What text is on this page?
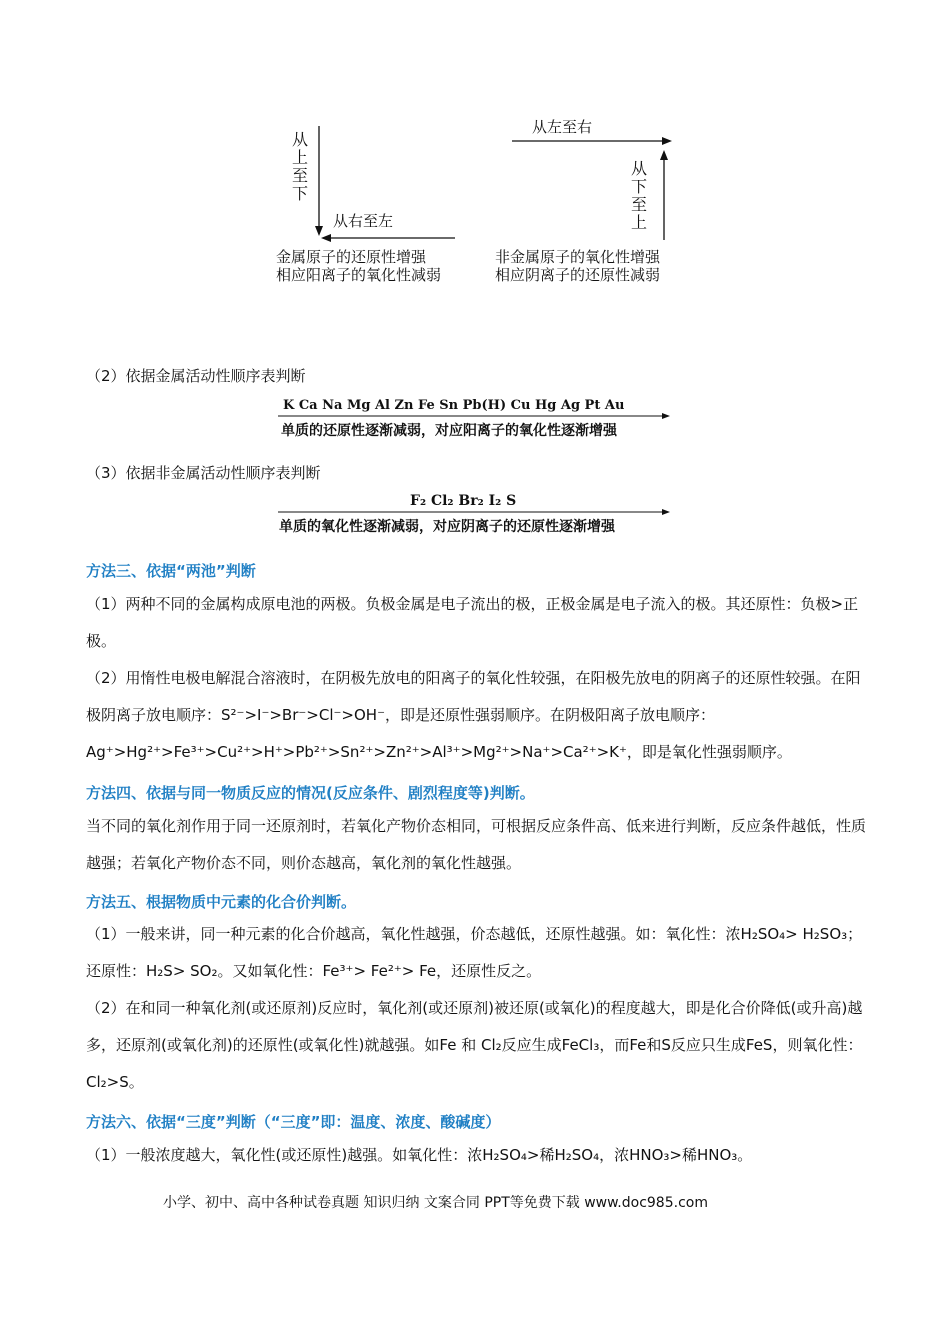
从
上
至
下
从右至左
金属原子的还原性增强
相应阳离子的氧化性减弱
从左至右
从
下
至
上
非金属原子的氧化性增强
相应阴离子的还原性减弱
（2）依据金属活动性顺序表判断
K Ca Na Mg Al Zn Fe Sn Pb(H) Cu Hg Ag Pt Au
单质的还原性逐渐减弱，对应阳离子的氧化性逐渐增强
（3）依据非金属活动性顺序表判断
F₂ Cl₂ Br₂ I₂ S
单质的氧化性逐渐减弱，对应阴离子的还原性逐渐增强
方法三、依据“两池”判断
（1）两种不同的金属构成原电池的两极。负极金属是电子流出的极，正极金属是电子流入的极。其还原性：负极>正极。
（2）用惰性电极电解混合溶液时，在阴极先放电的阳离子的氧化性较强，在阳极先放电的阴离子的还原性较强。在阳极阴离子放电顺序：S²⁻>I⁻>Br⁻>Cl⁻>OH⁻，即是还原性强弱顺序。在阴极阳离子放电顺序：Ag⁺>Hg²⁺>Fe³⁺>Cu²⁺>H⁺>Pb²⁺>Sn²⁺>Zn²⁺>Al³⁺>Mg²⁺>Na⁺>Ca²⁺>K⁺，即是氧化性强弱顺序。
方法四、依据与同一物质反应的情况(反应条件、剧烈程度等)判断。
当不同的氧化剂作用于同一还原剂时，若氧化产物价态相同，可根据反应条件高、低来进行判断，反应条件越低，性质越强；若氧化产物价态不同，则价态越高，氧化剂的氧化性越强。
方法五、根据物质中元素的化合价判断。
（1）一般来讲，同一种元素的化合价越高，氧化性越强，价态越低，还原性越强。如：氧化性：浓H₂SO₄> H₂SO₃；还原性：H₂S> SO₂。又如氧化性：Fe³⁺> Fe²⁺> Fe，还原性反之。
（2）在和同一种氧化剂(或还原剂)反应时，氧化剂(或还原剂)被还原(或氧化)的程度越大，即是化合价降低(或升高)越多，还原剂(或氧化剂)的还原性(或氧化性)就越强。如Fe 和 Cl₂反应生成FeCl₃，而Fe和S反应只生成FeS，则氧化性：Cl₂>S。
方法六、依据“三度”判断（“三度”即：温度、浓度、酸碱度）
（1）一般浓度越大，氧化性(或还原性)越强。如氧化性：浓H₂SO₄>稀H₂SO₄，浓HNO₃>稀HNO₃。
小学、初中、高中各种试卷真题 知识归纳 文案合同 PPT等免费下载 www.doc985.com
